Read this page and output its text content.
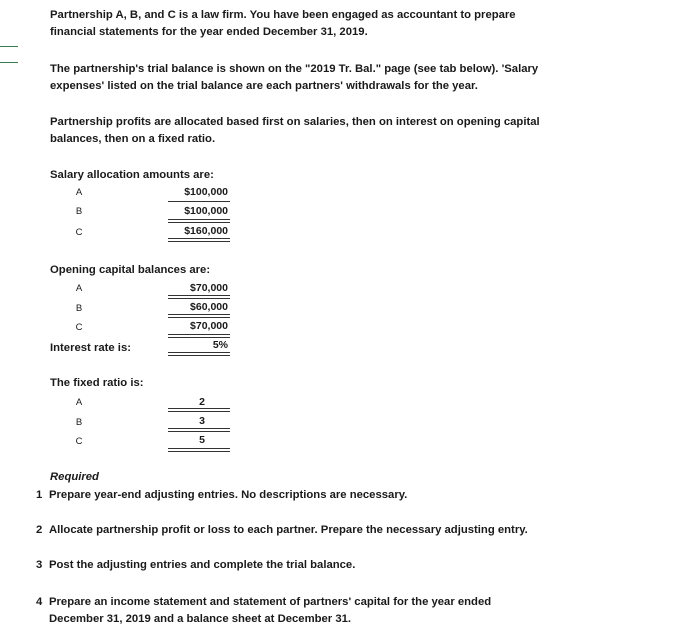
Partnership A, B, and C is a law firm. You have been engaged as accountant to prepare
financial statements for the year ended December 31, 2019.
The partnership's trial balance is shown on the "2019 Tr. Bal." page (see tab below). 'Salary
expenses' listed on the trial balance are each partners' withdrawals for the year.
Partnership profits are allocated based first on salaries, then on interest on opening capital
balances, then on a fixed ratio.
Salary allocation amounts are:
A	$100,000
B	$100,000
C	$160,000
Opening capital balances are:
A	$70,000
B	$60,000
C	$70,000
Interest rate is:	5%
The fixed ratio is:
A	2
B	3
C	5
Required
1 Prepare year-end adjusting entries. No descriptions are necessary.
2 Allocate partnership profit or loss to each partner. Prepare the necessary adjusting entry.
3 Post the adjusting entries and complete the trial balance.
4 Prepare an income statement and statement of partners' capital for the year ended
December 31, 2019 and a balance sheet at December 31.
